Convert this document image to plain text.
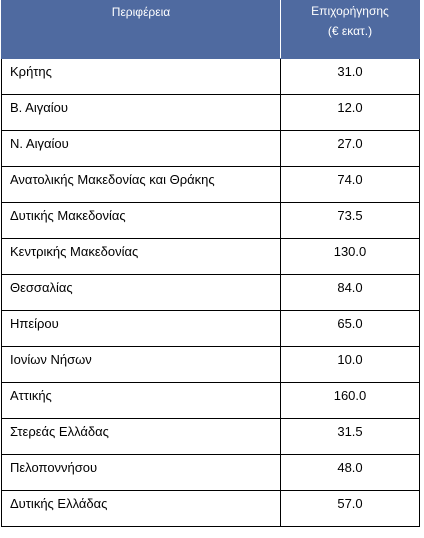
Περιφέρεια	Επιχορήγησης
(€ εκατ.)

Κρήτης	31.0
Β. Αιγαίου	12.0
Ν. Αιγαίου	27.0
Ανατολικής Μακεδονίας και Θράκης	74.0
Δυτικής Μακεδονίας	73.5
Κεντρικής Μακεδονίας	130.0
Θεσσαλίας	84.0
Ηπείρου	65.0
Ιονίων Νήσων	10.0
Αττικής	160.0
Στερεάς Ελλάδας	31.5
Πελοποννήσου	48.0
Δυτικής Ελλάδας	57.0
